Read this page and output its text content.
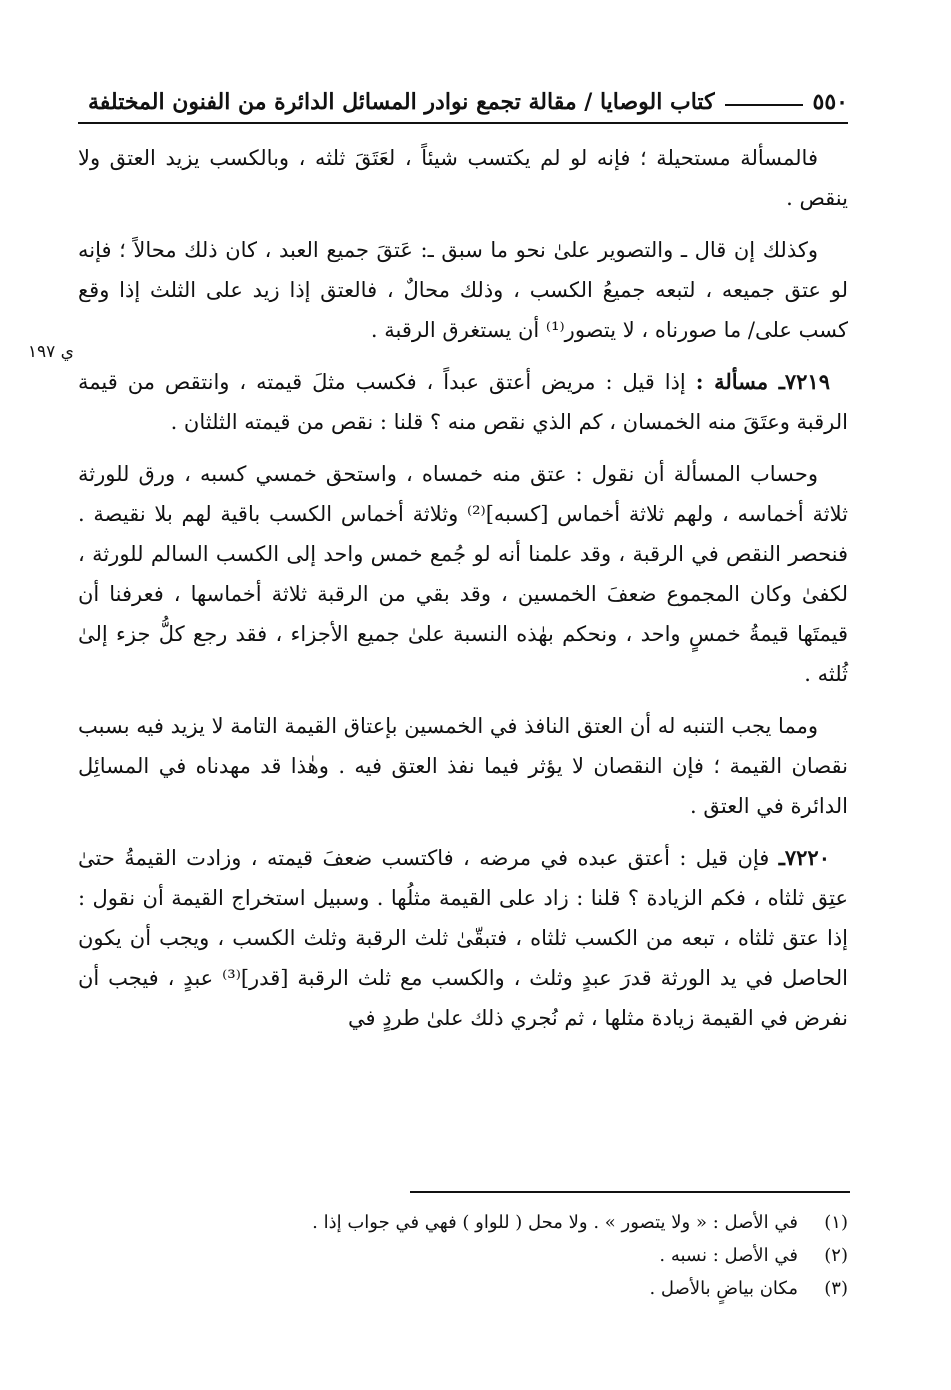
٥٥٠
كتاب الوصايا / مقالة تجمع نوادر المسائل الدائرة من الفنون المختلفة
ي ١٩٧

فالمسألة مستحيلة ؛ فإنه لو لم يكتسب شيئاً ، لعَتَقَ ثلثه ، وبالكسب يزيد العتق ولا ينقص .

وكذلك إن قال ـ والتصوير علىٰ نحو ما سبق ـ: عَتقَ جميع العبد ، كان ذلك محالاً ؛ فإنه لو عتق جميعه ، لتبعه جميعُ الكسب ، وذلك محالٌ ، فالعتق إذا زيد على الثلث إذا وقع كسب على/ ما صورناه ، لا يتصور⁽¹⁾ أن يستغرق الرقبة .

٧٢١٩ـ مسألة : إذا قيل : مريض أعتق عبداً ، فكسب مثلَ قيمته ، وانتقص من قيمة الرقبة وعتَقَ منه الخمسان ، كم الذي نقص منه ؟ قلنا : نقص من قيمته الثلثان .

وحساب المسألة أن نقول : عتق منه خمساه ، واستحق خمسي كسبه ، ورق للورثة ثلاثة أخماسه ، ولهم ثلاثة أخماس [كسبه]⁽²⁾ وثلاثة أخماس الكسب باقية لهم بلا نقيصة . فنحصر النقص في الرقبة ، وقد علمنا أنه لو جُمع خمس واحد إلى الكسب السالم للورثة ، لكفىٰ وكان المجموع ضعفَ الخمسين ، وقد بقي من الرقبة ثلاثة أخماسها ، فعرفنا أن قيمتَها قيمةُ خمسٍ واحد ، ونحكم بهٰذه النسبة علىٰ جميع الأجزاء ، فقد رجع كلُّ جزء إلىٰ ثُلثه .

ومما يجب التنبه له أن العتق النافذ في الخمسين بإعتاق القيمة التامة لا يزيد فيه بسبب نقصان القيمة ؛ فإن النقصان لا يؤثر فيما نفذ العتق فيه . وهٰذا قد مهدناه في المسائِل الدائرة في العتق .

٧٢٢٠ـ فإن قيل : أعتق عبده في مرضه ، فاكتسب ضعفَ قيمته ، وزادت القيمةُ حتىٰ عتِق ثلثاه ، فكم الزيادة ؟ قلنا : زاد على القيمة مثلُها . وسبيل استخراج القيمة أن نقول : إذا عتق ثلثاه ، تبعه من الكسب ثلثاه ، فتبقّىٰ ثلث الرقبة وثلث الكسب ، ويجب أن يكون الحاصل في يد الورثة قدرَ عبدٍ وثلث ، والكسب مع ثلث الرقبة [قدر]⁽³⁾ عبدٍ ، فيجب أن نفرض في القيمة زيادة مثلها ، ثم نُجري ذلك علىٰ طردٍ في

(١)
في الأصل : « ولا يتصور » . ولا محل ( للواو ) فهي في جواب إذا .
(٢)
في الأصل : نسبه .
(٣)
مكان بياضٍ بالأصل .
